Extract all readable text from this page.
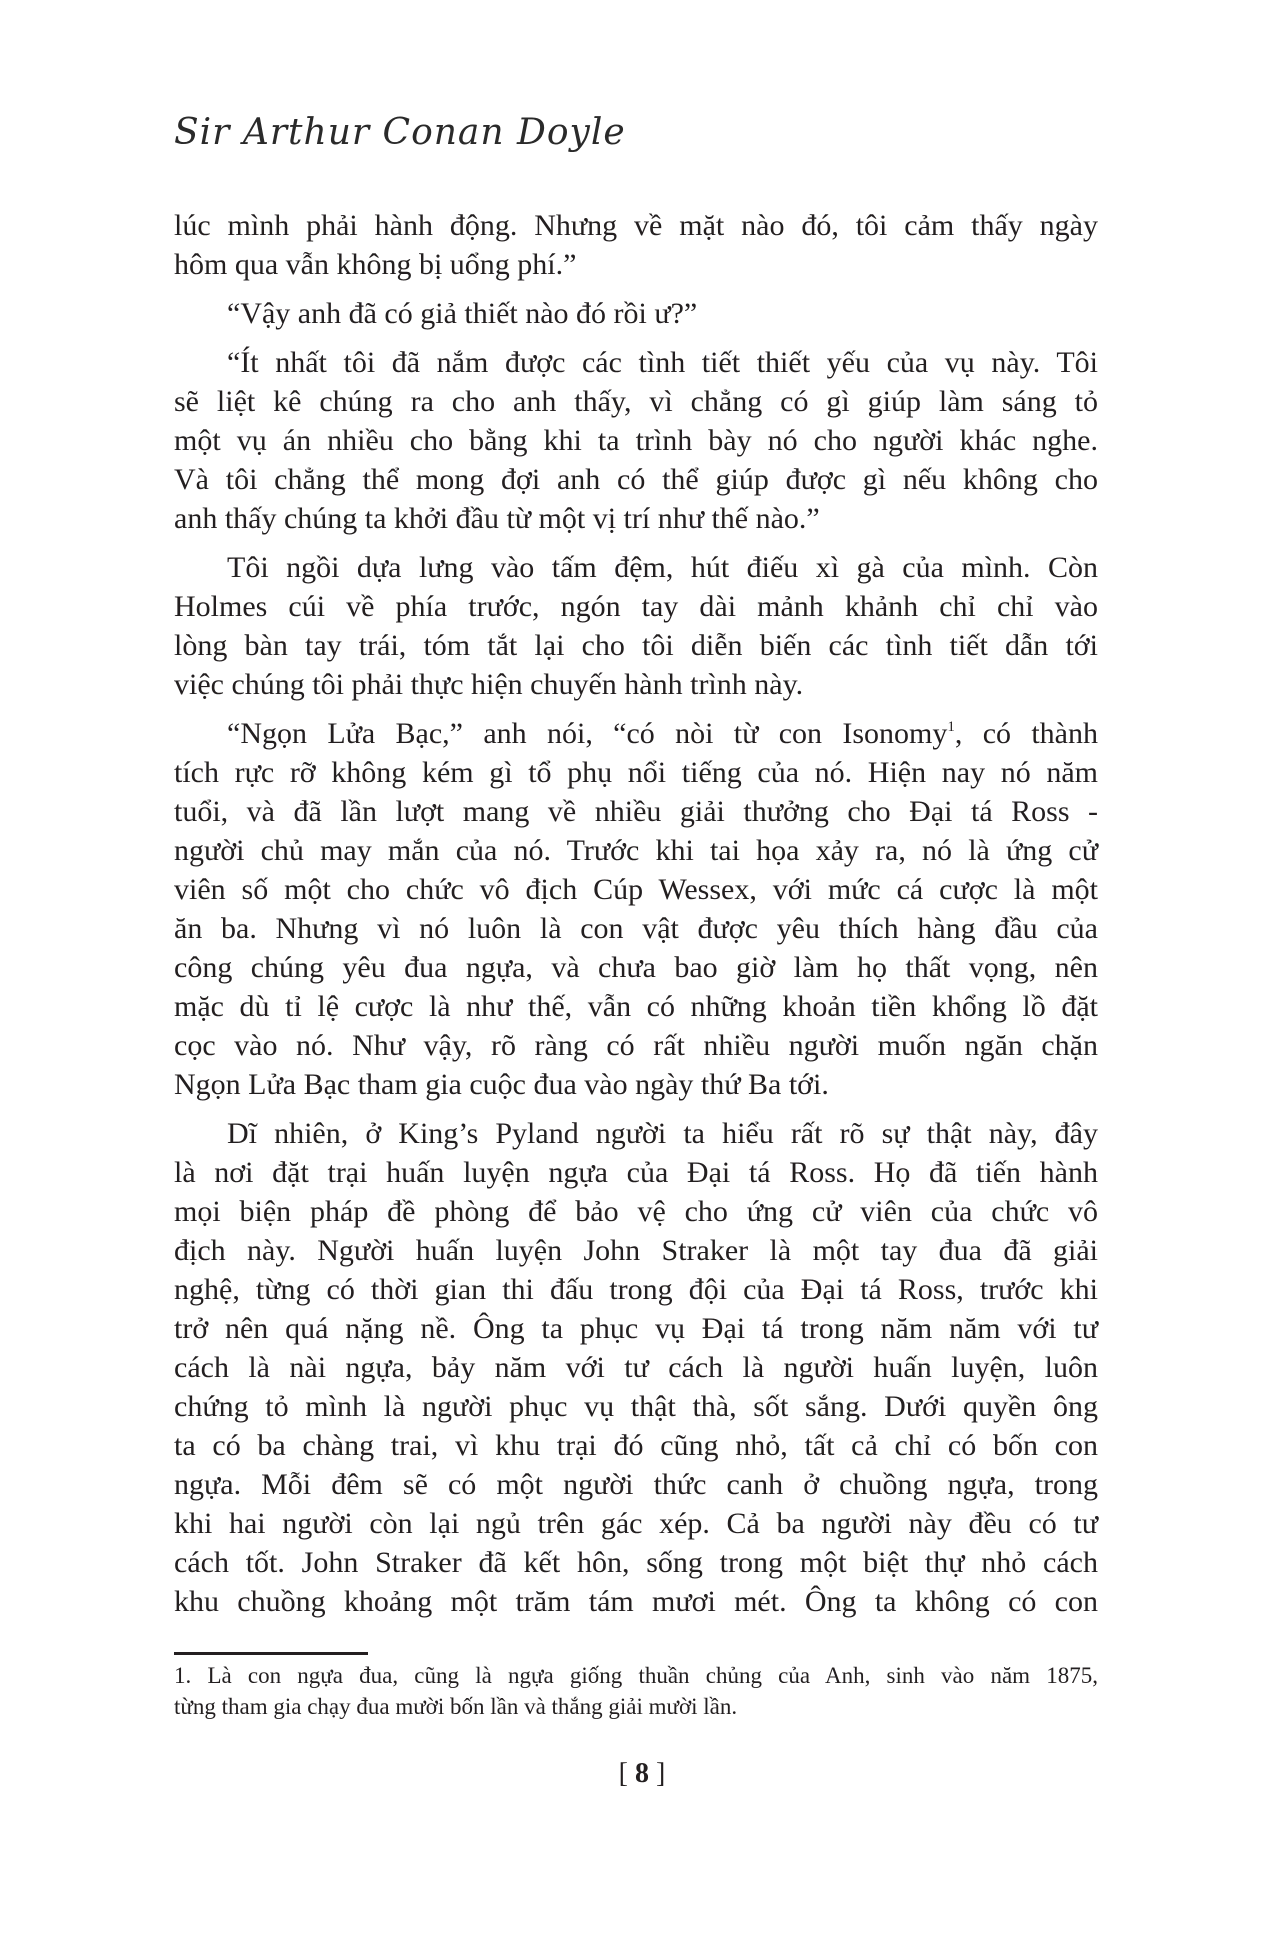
Sir Arthur Conan Doyle
lúc mình phải hành động. Nhưng về mặt nào đó, tôi cảm thấy ngày
hôm qua vẫn không bị uổng phí.”
“Vậy anh đã có giả thiết nào đó rồi ư?”
“Ít nhất tôi đã nắm được các tình tiết thiết yếu của vụ này. Tôi
sẽ liệt kê chúng ra cho anh thấy, vì chẳng có gì giúp làm sáng tỏ
một vụ án nhiều cho bằng khi ta trình bày nó cho người khác nghe.
Và tôi chẳng thể mong đợi anh có thể giúp được gì nếu không cho
anh thấy chúng ta khởi đầu từ một vị trí như thế nào.”
Tôi ngồi dựa lưng vào tấm đệm, hút điếu xì gà của mình. Còn
Holmes cúi về phía trước, ngón tay dài mảnh khảnh chỉ chỉ vào
lòng bàn tay trái, tóm tắt lại cho tôi diễn biến các tình tiết dẫn tới
việc chúng tôi phải thực hiện chuyến hành trình này.
“Ngọn Lửa Bạc,” anh nói, “có nòi từ con Isonomy$^1$, có thành
tích rực rỡ không kém gì tổ phụ nổi tiếng của nó. Hiện nay nó năm
tuổi, và đã lần lượt mang về nhiều giải thưởng cho Đại tá Ross -
người chủ may mắn của nó. Trước khi tai họa xảy ra, nó là ứng cử
viên số một cho chức vô địch Cúp Wessex, với mức cá cược là một
ăn ba. Nhưng vì nó luôn là con vật được yêu thích hàng đầu của
công chúng yêu đua ngựa, và chưa bao giờ làm họ thất vọng, nên
mặc dù tỉ lệ cược là như thế, vẫn có những khoản tiền khổng lồ đặt
cọc vào nó. Như vậy, rõ ràng có rất nhiều người muốn ngăn chặn
Ngọn Lửa Bạc tham gia cuộc đua vào ngày thứ Ba tới.
Dĩ nhiên, ở King’s Pyland người ta hiểu rất rõ sự thật này, đây
là nơi đặt trại huấn luyện ngựa của Đại tá Ross. Họ đã tiến hành
mọi biện pháp đề phòng để bảo vệ cho ứng cử viên của chức vô
địch này. Người huấn luyện John Straker là một tay đua đã giải
nghệ, từng có thời gian thi đấu trong đội của Đại tá Ross, trước khi
trở nên quá nặng nề. Ông ta phục vụ Đại tá trong năm năm với tư
cách là nài ngựa, bảy năm với tư cách là người huấn luyện, luôn
chứng tỏ mình là người phục vụ thật thà, sốt sắng. Dưới quyền ông
ta có ba chàng trai, vì khu trại đó cũng nhỏ, tất cả chỉ có bốn con
ngựa. Mỗi đêm sẽ có một người thức canh ở chuồng ngựa, trong
khi hai người còn lại ngủ trên gác xép. Cả ba người này đều có tư
cách tốt. John Straker đã kết hôn, sống trong một biệt thự nhỏ cách
khu chuồng khoảng một trăm tám mươi mét. Ông ta không có con
1. Là con ngựa đua, cũng là ngựa giống thuần chủng của Anh, sinh vào năm 1875,
từng tham gia chạy đua mười bốn lần và thắng giải mười lần.
[ 8 ]
